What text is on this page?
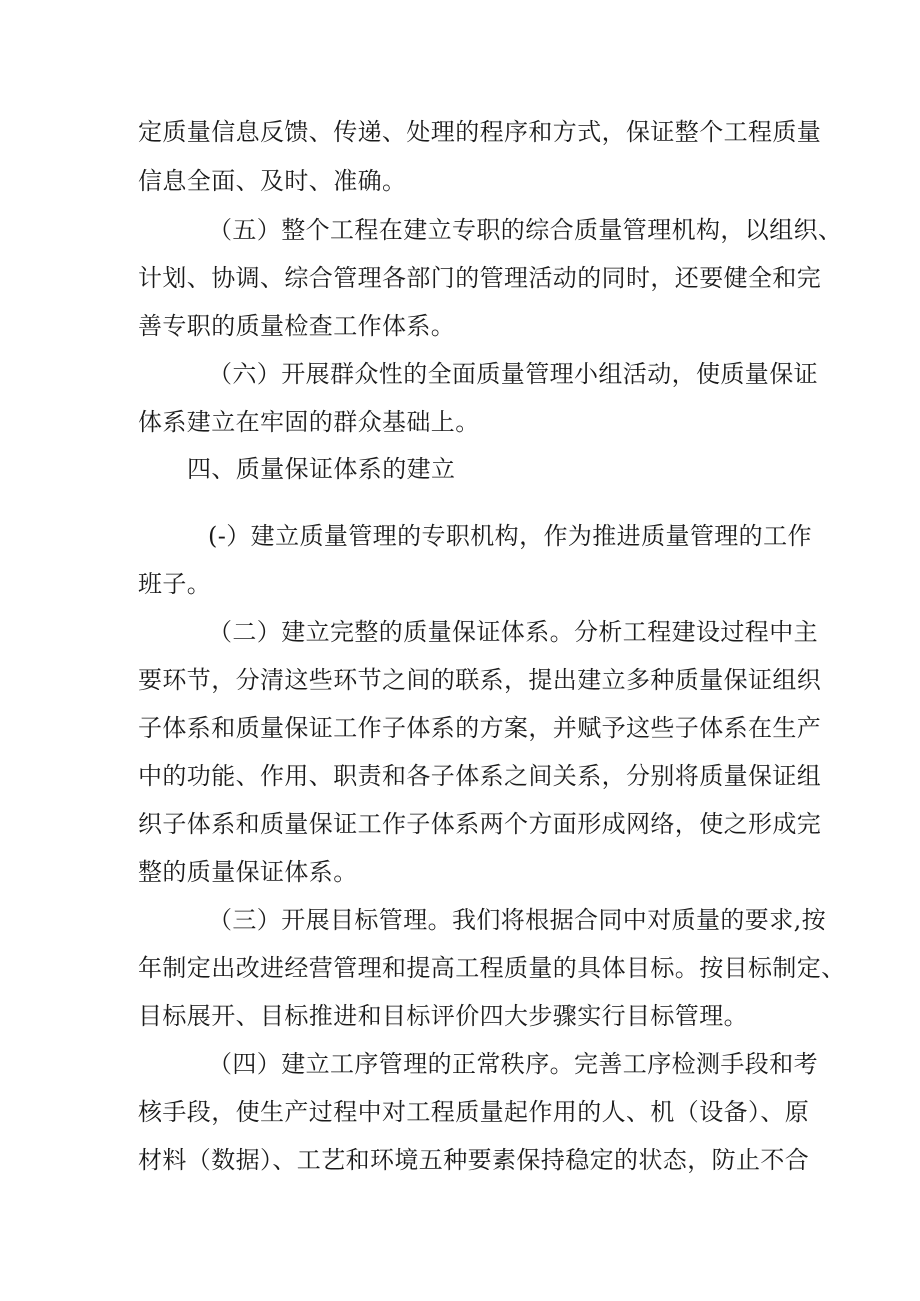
定质量信息反馈、传递、处理的程序和方式，保证整个工程质量
信息全面、及时、准确。
（五）整个工程在建立专职的综合质量管理机构，以组织、
计划、协调、综合管理各部门的管理活动的同时，还要健全和完
善专职的质量检查工作体系。
（六）开展群众性的全面质量管理小组活动，使质量保证
体系建立在牢固的群众基础上。
四、质量保证体系的建立
(-）建立质量管理的专职机构，作为推进质量管理的工作
班子。
（二）建立完整的质量保证体系。分析工程建设过程中主
要环节，分清这些环节之间的联系，提出建立多种质量保证组织
子体系和质量保证工作子体系的方案，并赋予这些子体系在生产
中的功能、作用、职责和各子体系之间关系，分别将质量保证组
织子体系和质量保证工作子体系两个方面形成网络，使之形成完
整的质量保证体系。
（三）开展目标管理。我们将根据合同中对质量的要求,按
年制定出改进经营管理和提高工程质量的具体目标。按目标制定、
目标展开、目标推进和目标评价四大步骤实行目标管理。
（四）建立工序管理的正常秩序。完善工序检测手段和考
核手段，使生产过程中对工程质量起作用的人、机（设备）、原
材料（数据）、工艺和环境五种要素保持稳定的状态，防止不合
